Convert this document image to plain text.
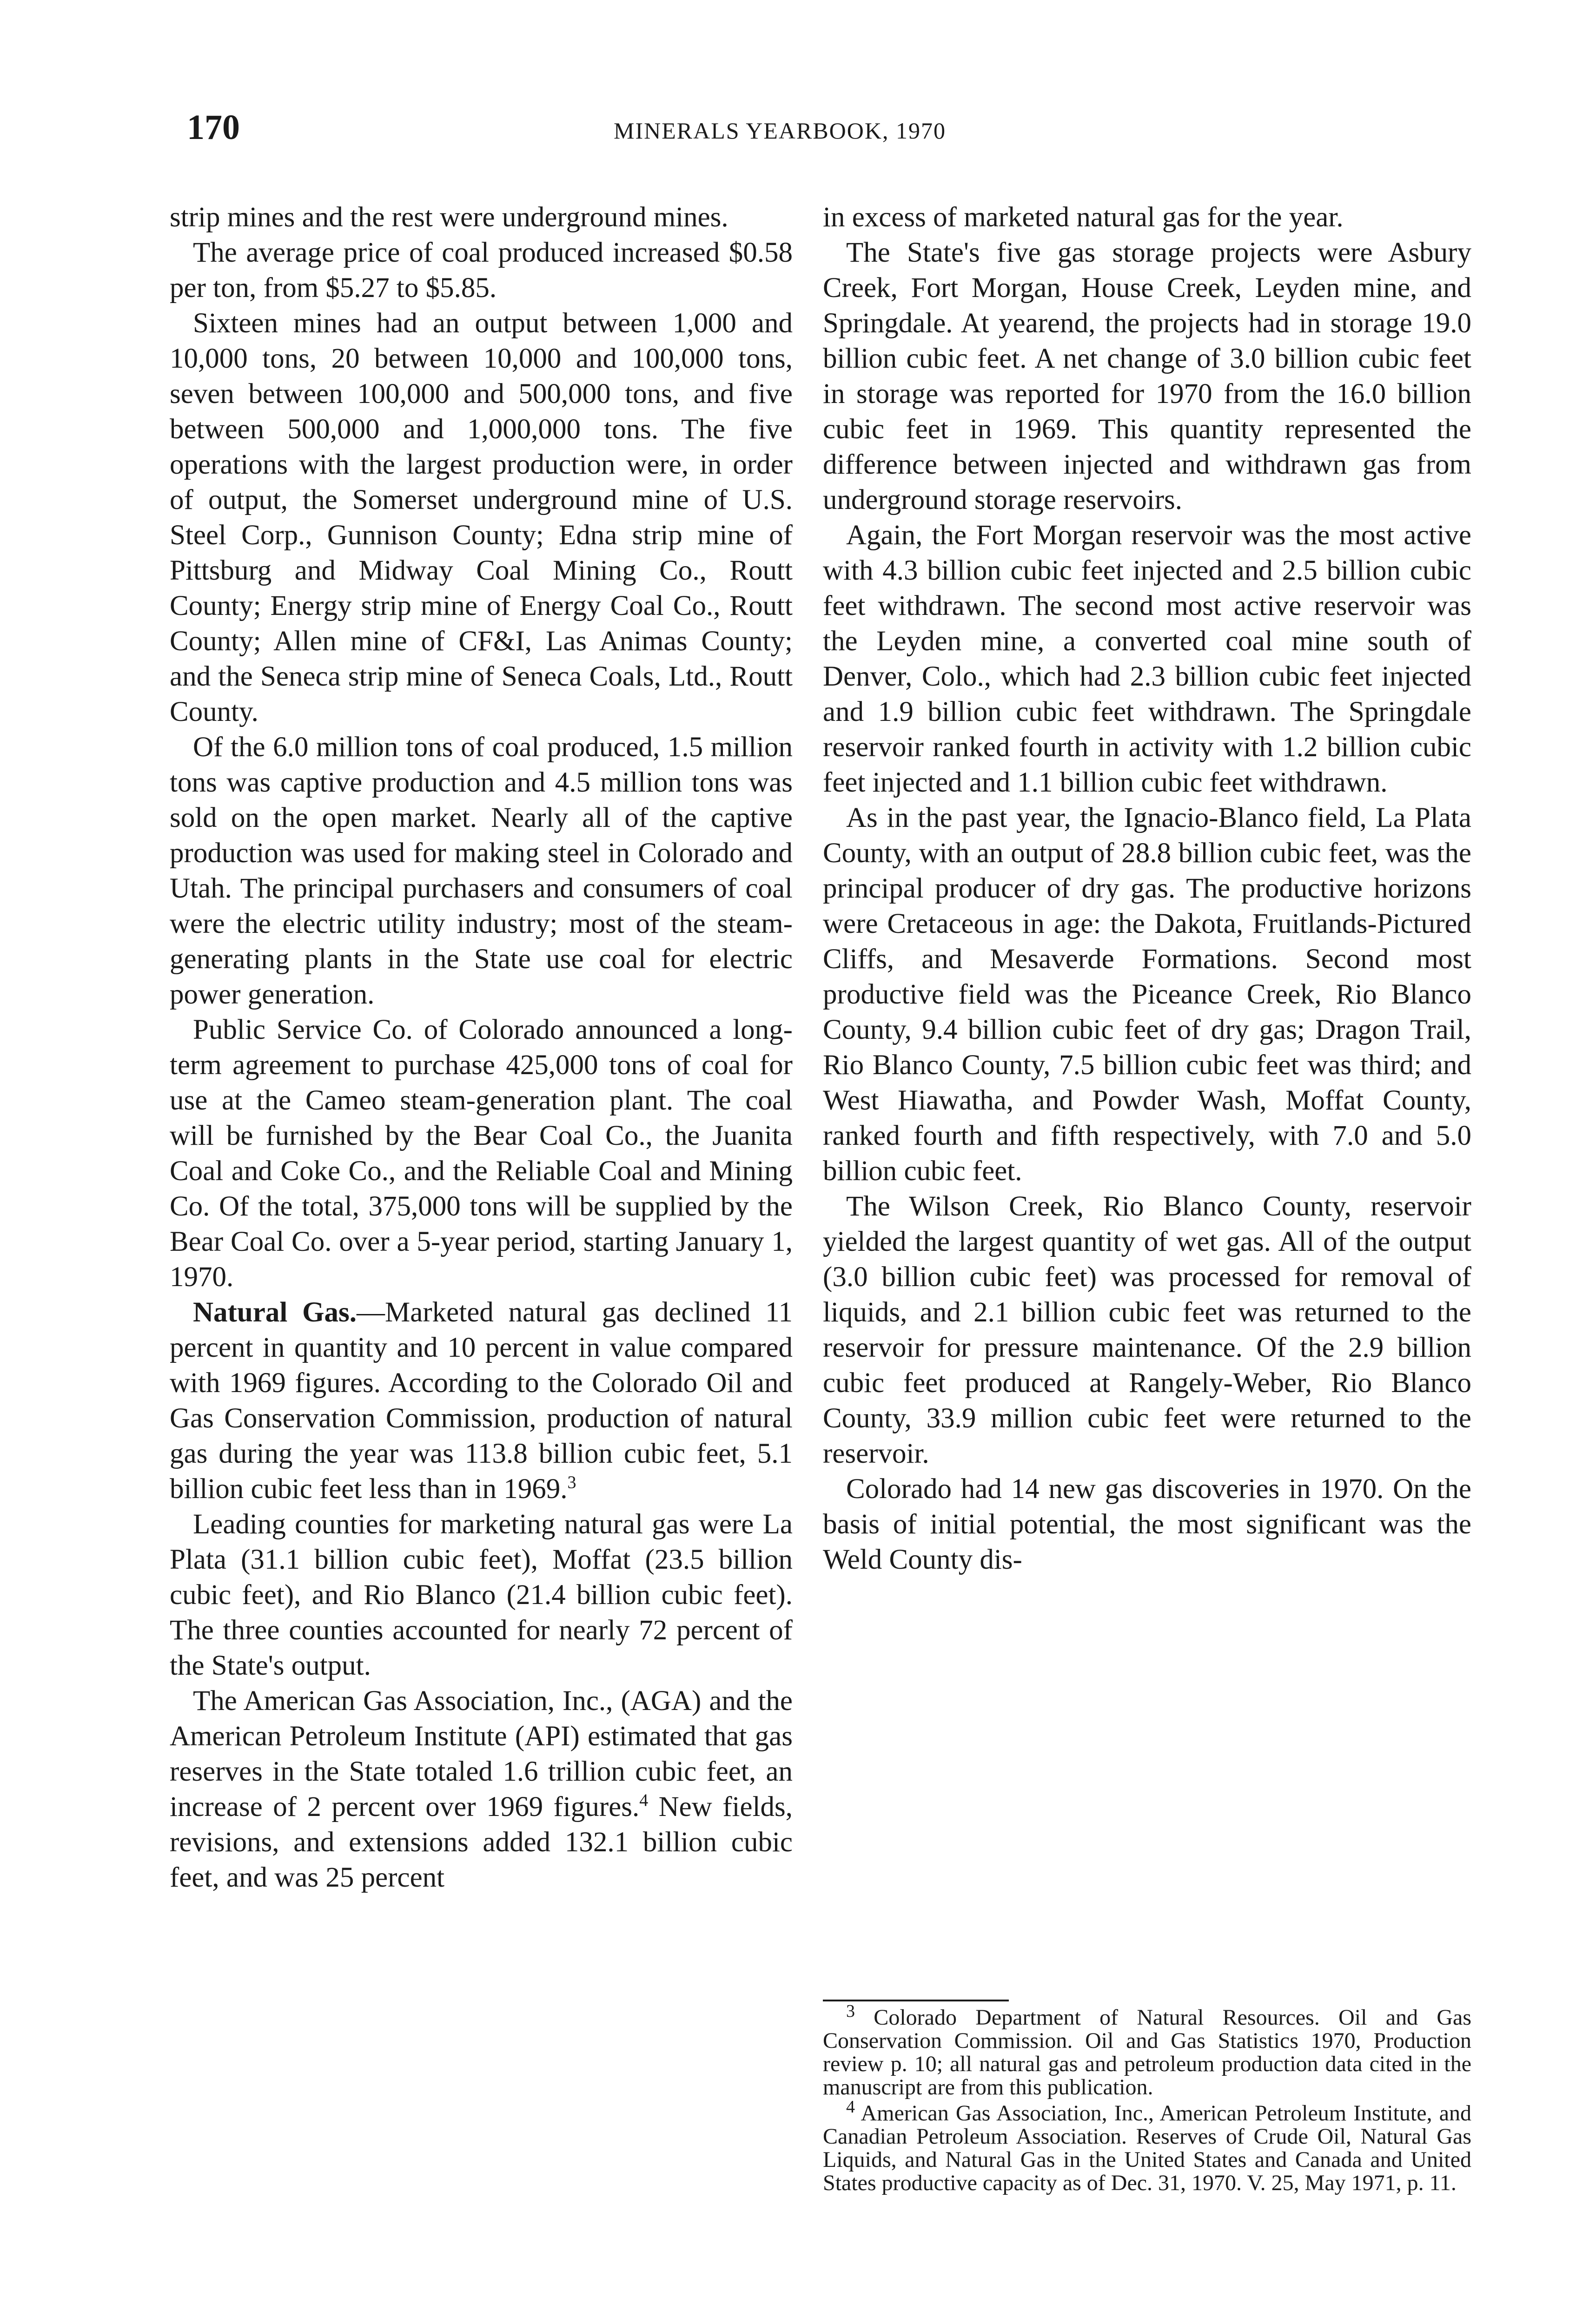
170	MINERALS YEARBOOK, 1970

strip mines and the rest were underground mines.

The average price of coal produced increased $0.58 per ton, from $5.27 to $5.85.

Sixteen mines had an output between 1,000 and 10,000 tons, 20 between 10,000 and 100,000 tons, seven between 100,000 and 500,000 tons, and five between 500,000 and 1,000,000 tons. The five operations with the largest production were, in order of output, the Somerset underground mine of U.S. Steel Corp., Gunnison County; Edna strip mine of Pittsburg and Midway Coal Mining Co., Routt County; Energy strip mine of Energy Coal Co., Routt County; Allen mine of CF&I, Las Animas County; and the Seneca strip mine of Seneca Coals, Ltd., Routt County.

Of the 6.0 million tons of coal produced, 1.5 million tons was captive production and 4.5 million tons was sold on the open market. Nearly all of the captive production was used for making steel in Colorado and Utah. The principal purchasers and consumers of coal were the electric utility industry; most of the steam-generating plants in the State use coal for electric power generation.

Public Service Co. of Colorado announced a long-term agreement to purchase 425,000 tons of coal for use at the Cameo steam-generation plant. The coal will be furnished by the Bear Coal Co., the Juanita Coal and Coke Co., and the Reliable Coal and Mining Co. Of the total, 375,000 tons will be supplied by the Bear Coal Co. over a 5-year period, starting January 1, 1970.

Natural Gas.—Marketed natural gas declined 11 percent in quantity and 10 percent in value compared with 1969 figures. According to the Colorado Oil and Gas Conservation Commission, production of natural gas during the year was 113.8 billion cubic feet, 5.1 billion cubic feet less than in 1969.$^3$

Leading counties for marketing natural gas were La Plata (31.1 billion cubic feet), Moffat (23.5 billion cubic feet), and Rio Blanco (21.4 billion cubic feet). The three counties accounted for nearly 72 percent of the State's output.

The American Gas Association, Inc., (AGA) and the American Petroleum Institute (API) estimated that gas reserves in the State totaled 1.6 trillion cubic feet, an increase of 2 percent over 1969 figures.$^4$ New fields, revisions, and extensions added 132.1 billion cubic feet, and was 25 percent

in excess of marketed natural gas for the year.

The State's five gas storage projects were Asbury Creek, Fort Morgan, House Creek, Leyden mine, and Springdale. At yearend, the projects had in storage 19.0 billion cubic feet. A net change of 3.0 billion cubic feet in storage was reported for 1970 from the 16.0 billion cubic feet in 1969. This quantity represented the difference between injected and withdrawn gas from underground storage reservoirs.

Again, the Fort Morgan reservoir was the most active with 4.3 billion cubic feet injected and 2.5 billion cubic feet withdrawn. The second most active reservoir was the Leyden mine, a converted coal mine south of Denver, Colo., which had 2.3 billion cubic feet injected and 1.9 billion cubic feet withdrawn. The Springdale reservoir ranked fourth in activity with 1.2 billion cubic feet injected and 1.1 billion cubic feet withdrawn.

As in the past year, the Ignacio-Blanco field, La Plata County, with an output of 28.8 billion cubic feet, was the principal producer of dry gas. The productive horizons were Cretaceous in age: the Dakota, Fruitlands-Pictured Cliffs, and Mesaverde Formations. Second most productive field was the Piceance Creek, Rio Blanco County, 9.4 billion cubic feet of dry gas; Dragon Trail, Rio Blanco County, 7.5 billion cubic feet was third; and West Hiawatha, and Powder Wash, Moffat County, ranked fourth and fifth respectively, with 7.0 and 5.0 billion cubic feet.

The Wilson Creek, Rio Blanco County, reservoir yielded the largest quantity of wet gas. All of the output (3.0 billion cubic feet) was processed for removal of liquids, and 2.1 billion cubic feet was returned to the reservoir for pressure maintenance. Of the 2.9 billion cubic feet produced at Rangely-Weber, Rio Blanco County, 33.9 million cubic feet were returned to the reservoir.

Colorado had 14 new gas discoveries in 1970. On the basis of initial potential, the most significant was the Weld County dis-

$^3$ Colorado Department of Natural Resources. Oil and Gas Conservation Commission. Oil and Gas Statistics 1970, Production review p. 10; all natural gas and petroleum production data cited in the manuscript are from this publication.

$^4$ American Gas Association, Inc., American Petroleum Institute, and Canadian Petroleum Association. Reserves of Crude Oil, Natural Gas Liquids, and Natural Gas in the United States and Canada and United States productive capacity as of Dec. 31, 1970. V. 25, May 1971, p. 11.
